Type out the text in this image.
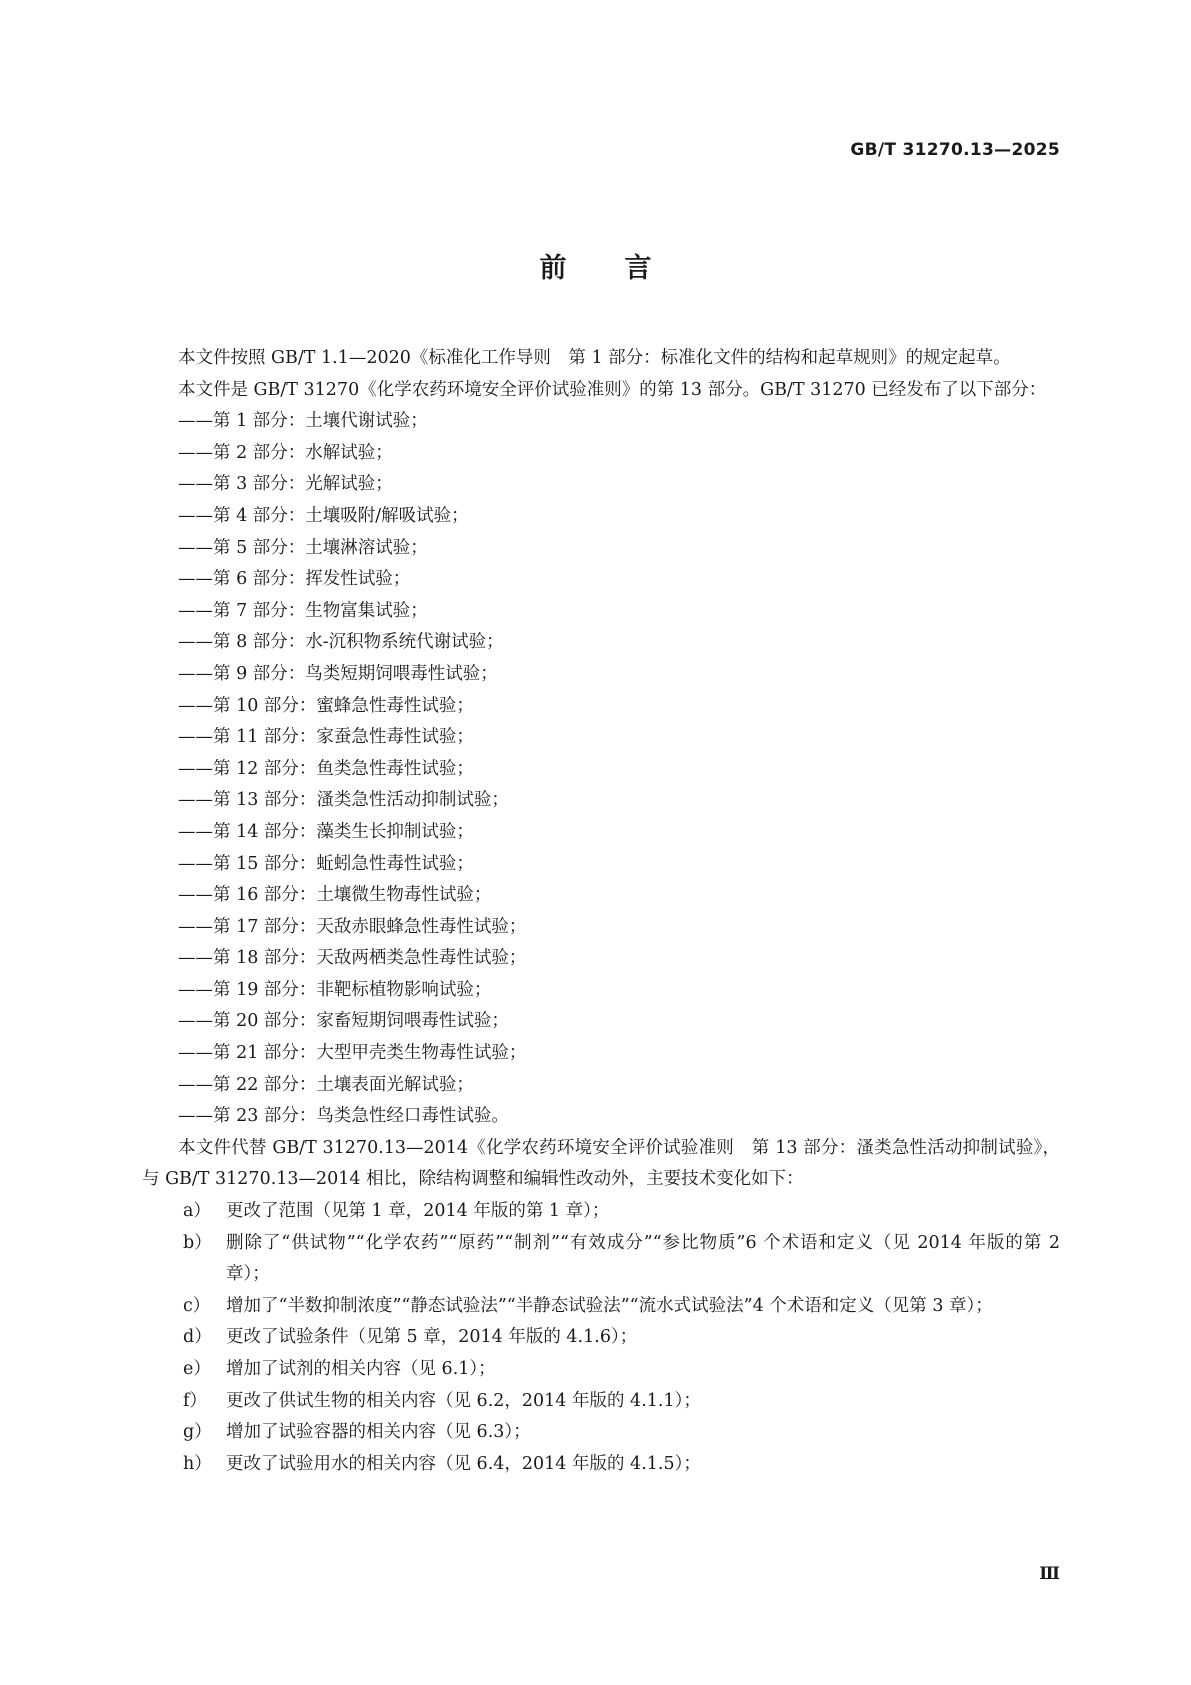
GB/T 31270.13—2025
前言

本文件按照 GB/T 1.1—2020《标准化工作导则　第 1 部分：标准化文件的结构和起草规则》的规定起草。

本文件是 GB/T 31270《化学农药环境安全评价试验准则》的第 13 部分。GB/T 31270 已经发布了以下部分：

——第 1 部分：土壤代谢试验；
——第 2 部分：水解试验；
——第 3 部分：光解试验；
——第 4 部分：土壤吸附/解吸试验；
——第 5 部分：土壤淋溶试验；
——第 6 部分：挥发性试验；
——第 7 部分：生物富集试验；
——第 8 部分：水-沉积物系统代谢试验；
——第 9 部分：鸟类短期饲喂毒性试验；
——第 10 部分：蜜蜂急性毒性试验；
——第 11 部分：家蚕急性毒性试验；
——第 12 部分：鱼类急性毒性试验；
——第 13 部分：溞类急性活动抑制试验；
——第 14 部分：藻类生长抑制试验；
——第 15 部分：蚯蚓急性毒性试验；
——第 16 部分：土壤微生物毒性试验；
——第 17 部分：天敌赤眼蜂急性毒性试验；
——第 18 部分：天敌两栖类急性毒性试验；
——第 19 部分：非靶标植物影响试验；
——第 20 部分：家畜短期饲喂毒性试验；
——第 21 部分：大型甲壳类生物毒性试验；
——第 22 部分：土壤表面光解试验；
——第 23 部分：鸟类急性经口毒性试验。

本文件代替 GB/T 31270.13—2014《化学农药环境安全评价试验准则　第 13 部分：溞类急性活动抑制试验》，与 GB/T 31270.13—2014 相比，除结构调整和编辑性改动外，主要技术变化如下：

a） 更改了范围（见第 1 章，2014 年版的第 1 章）；
b） 删除了“供试物”“化学农药”“原药”“制剂”“有效成分”“参比物质”6 个术语和定义（见 2014 年版的第 2 章）；
c） 增加了“半数抑制浓度”“静态试验法”“半静态试验法”“流水式试验法”4 个术语和定义（见第 3 章）；
d） 更改了试验条件（见第 5 章，2014 年版的 4.1.6）；
e） 增加了试剂的相关内容（见 6.1）；
f）	更改了供试生物的相关内容（见 6.2，2014 年版的 4.1.1）；
g） 增加了试验容器的相关内容（见 6.3）；
h） 更改了试验用水的相关内容（见 6.4，2014 年版的 4.1.5）；
Ⅲ
